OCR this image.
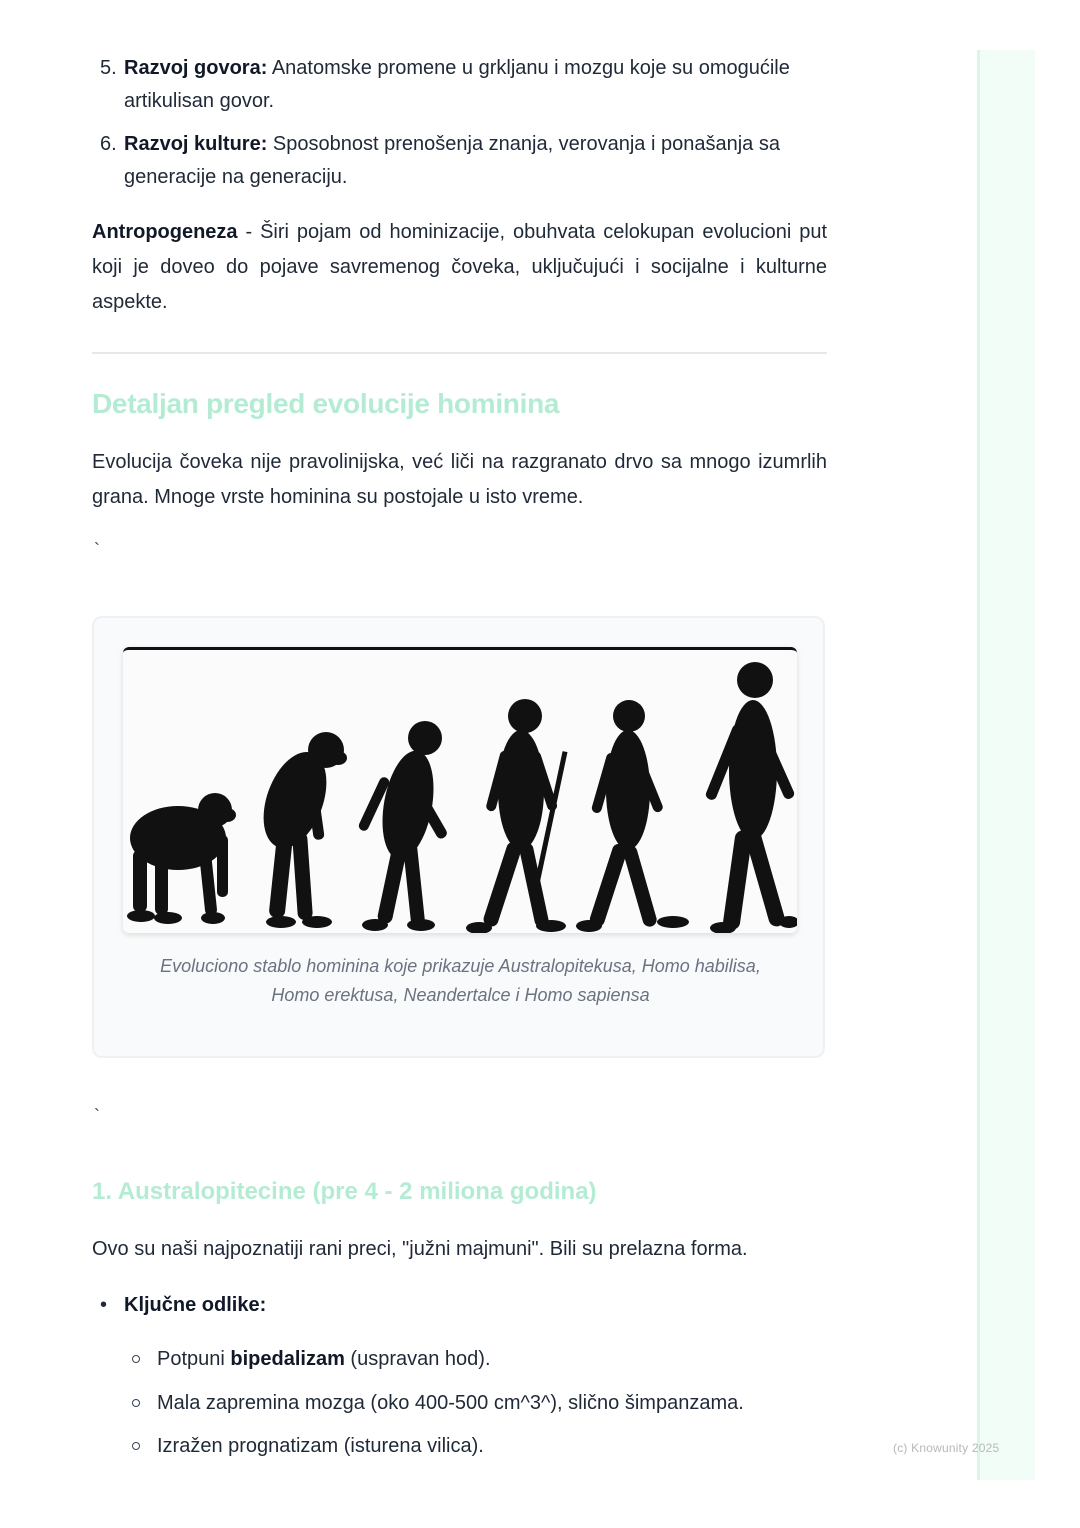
(c) Knowunity 2025
5. Razvoj govora: Anatomske promene u grkljanu i mozgu koje su omogućile
artikulisan govor.
6. Razvoj kulture: Sposobnost prenošenja znanja, verovanja i ponašanja sa
generacije na generaciju.
Antropogeneza - Širi pojam od hominizacije, obuhvata celokupan evolucioni put koji je doveo do pojave savremenog čoveka, uključujući i socijalne i kulturne aspekte.
Detaljan pregled evolucije hominina
Evolucija čoveka nije pravolinijska, već liči na razgranato drvo sa mnogo izumrlih grana. Mnoge vrste hominina su postojale u isto vreme.
`
Evoluciono stablo hominina koje prikazuje Australopitekusa, Homo habilisa,
Homo erektusa, Neandertalce i Homo sapiensa
`
1. Australopitecine (pre 4 - 2 miliona godina)
Ovo su naši najpoznatiji rani preci, "južni majmuni". Bili su prelazna forma.
• Ključne odlike:
Potpuni bipedalizam (uspravan hod).
Mala zapremina mozga (oko 400-500 cm^3^), slično šimpanzama.
Izražen prognatizam (isturena vilica).
